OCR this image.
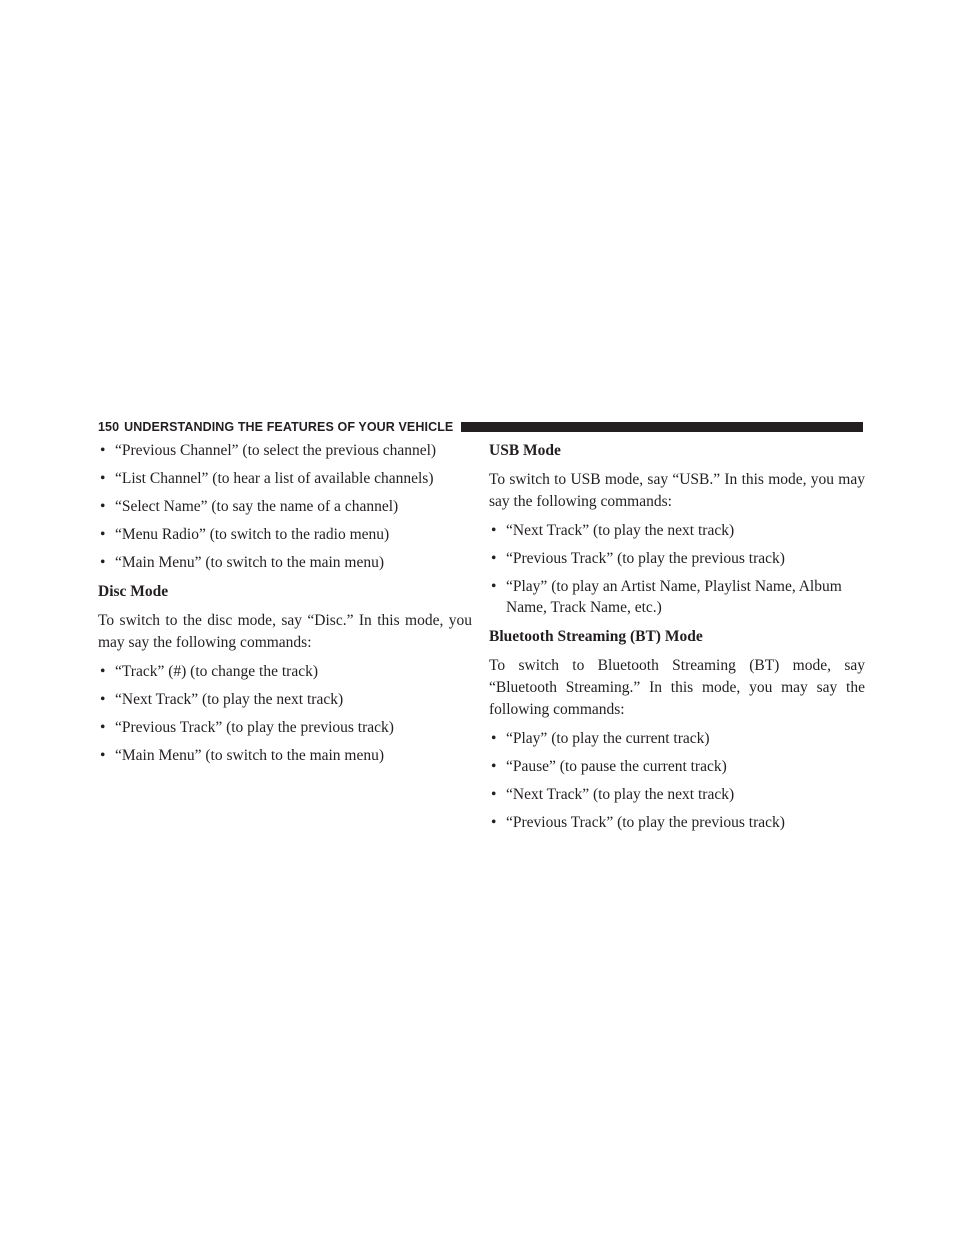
150 UNDERSTANDING THE FEATURES OF YOUR VEHICLE
• “Previous Channel” (to select the previous channel)
• “List Channel” (to hear a list of available channels)
• “Select Name” (to say the name of a channel)
• “Menu Radio” (to switch to the radio menu)
• “Main Menu” (to switch to the main menu)
Disc Mode
To switch to the disc mode, say “Disc.” In this mode, you may say the following commands:
• “Track” (#) (to change the track)
• “Next Track” (to play the next track)
• “Previous Track” (to play the previous track)
• “Main Menu” (to switch to the main menu)
USB Mode
To switch to USB mode, say “USB.” In this mode, you may say the following commands:
• “Next Track” (to play the next track)
• “Previous Track” (to play the previous track)
• “Play” (to play an Artist Name, Playlist Name, Album Name, Track Name, etc.)
Bluetooth Streaming (BT) Mode
To switch to Bluetooth Streaming (BT) mode, say “Bluetooth Streaming.” In this mode, you may say the following commands:
• “Play” (to play the current track)
• “Pause” (to pause the current track)
• “Next Track” (to play the next track)
• “Previous Track” (to play the previous track)
